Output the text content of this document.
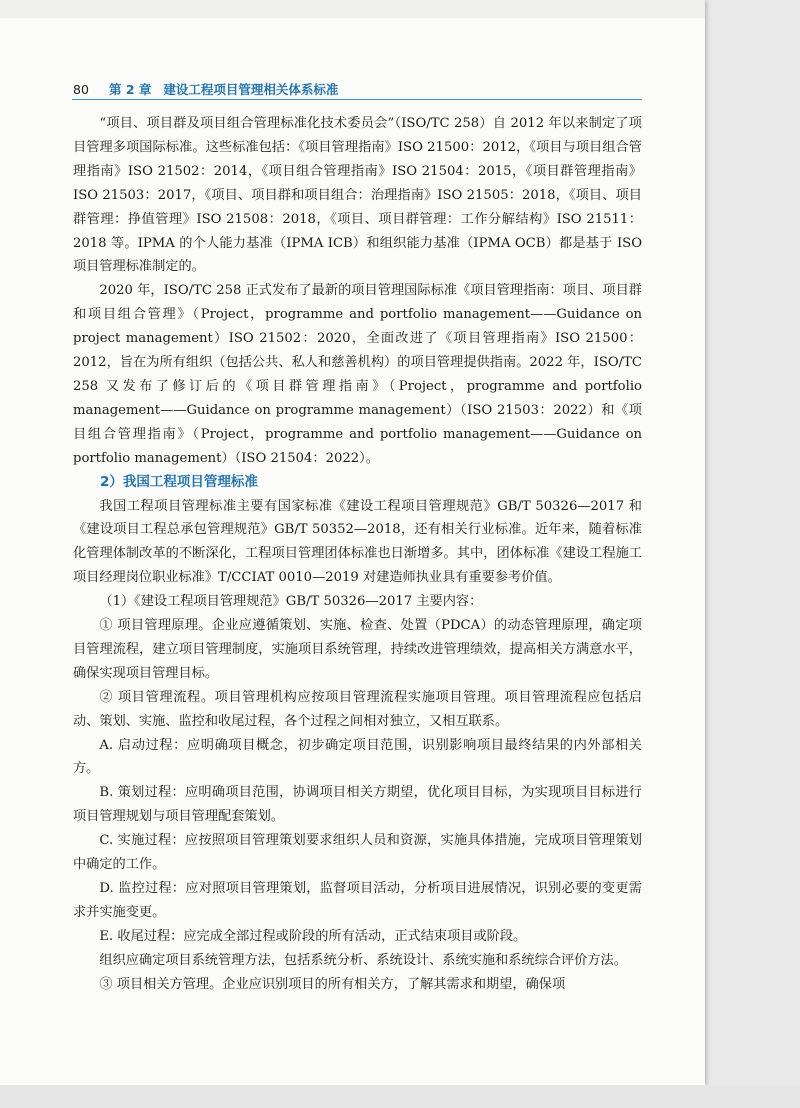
80 第 2 章 建设工程项目管理相关体系标准

“项目、项目群及项目组合管理标准化技术委员会”（ISO/TC 258）自 2012 年以来制定了项目管理多项国际标准。这些标准包括：《项目管理指南》ISO 21500：2012，《项目与项目组合管理指南》ISO 21502：2014，《项目组合管理指南》ISO 21504：2015，《项目群管理指南》ISO 21503：2017，《项目、项目群和项目组合：治理指南》ISO 21505：2018，《项目、项目群管理：挣值管理》ISO 21508：2018，《项目、项目群管理：工作分解结构》ISO 21511：2018 等。IPMA 的个人能力基准（IPMA ICB）和组织能力基准（IPMA OCB）都是基于 ISO 项目管理标准制定的。

2020 年，ISO/TC 258 正式发布了最新的项目管理国际标准《项目管理指南：项目、项目群和项目组合管理》（Project，programme and portfolio management——Guidance on project management）ISO 21502：2020，全面改进了《项目管理指南》ISO 21500：2012，旨在为所有组织（包括公共、私人和慈善机构）的项目管理提供指南。2022 年，ISO/TC 258 又发布了修订后的《项目群管理指南》（Project，programme and portfolio management——Guidance on programme management）（ISO 21503：2022）和《项目组合管理指南》（Project，programme and portfolio management——Guidance on portfolio management）（ISO 21504：2022）。

2）我国工程项目管理标准

我国工程项目管理标准主要有国家标准《建设工程项目管理规范》GB/T 50326—2017 和《建设项目工程总承包管理规范》GB/T 50352—2018，还有相关行业标准。近年来，随着标准化管理体制改革的不断深化，工程项目管理团体标准也日渐增多。其中，团体标准《建设工程施工项目经理岗位职业标准》T/CCIAT 0010—2019 对建造师执业具有重要参考价值。

（1）《建设工程项目管理规范》GB/T 50326—2017 主要内容：

① 项目管理原理。企业应遵循策划、实施、检查、处置（PDCA）的动态管理原理，确定项目管理流程，建立项目管理制度，实施项目系统管理，持续改进管理绩效，提高相关方满意水平，确保实现项目管理目标。

② 项目管理流程。项目管理机构应按项目管理流程实施项目管理。项目管理流程应包括启动、策划、实施、监控和收尾过程，各个过程之间相对独立，又相互联系。

A. 启动过程：应明确项目概念，初步确定项目范围，识别影响项目最终结果的内外部相关方。

B. 策划过程：应明确项目范围，协调项目相关方期望，优化项目目标，为实现项目目标进行项目管理规划与项目管理配套策划。

C. 实施过程：应按照项目管理策划要求组织人员和资源，实施具体措施，完成项目管理策划中确定的工作。

D. 监控过程：应对照项目管理策划，监督项目活动，分析项目进展情况，识别必要的变更需求并实施变更。

E. 收尾过程：应完成全部过程或阶段的所有活动，正式结束项目或阶段。

组织应确定项目系统管理方法，包括系统分析、系统设计、系统实施和系统综合评价方法。

③ 项目相关方管理。企业应识别项目的所有相关方，了解其需求和期望，确保项
